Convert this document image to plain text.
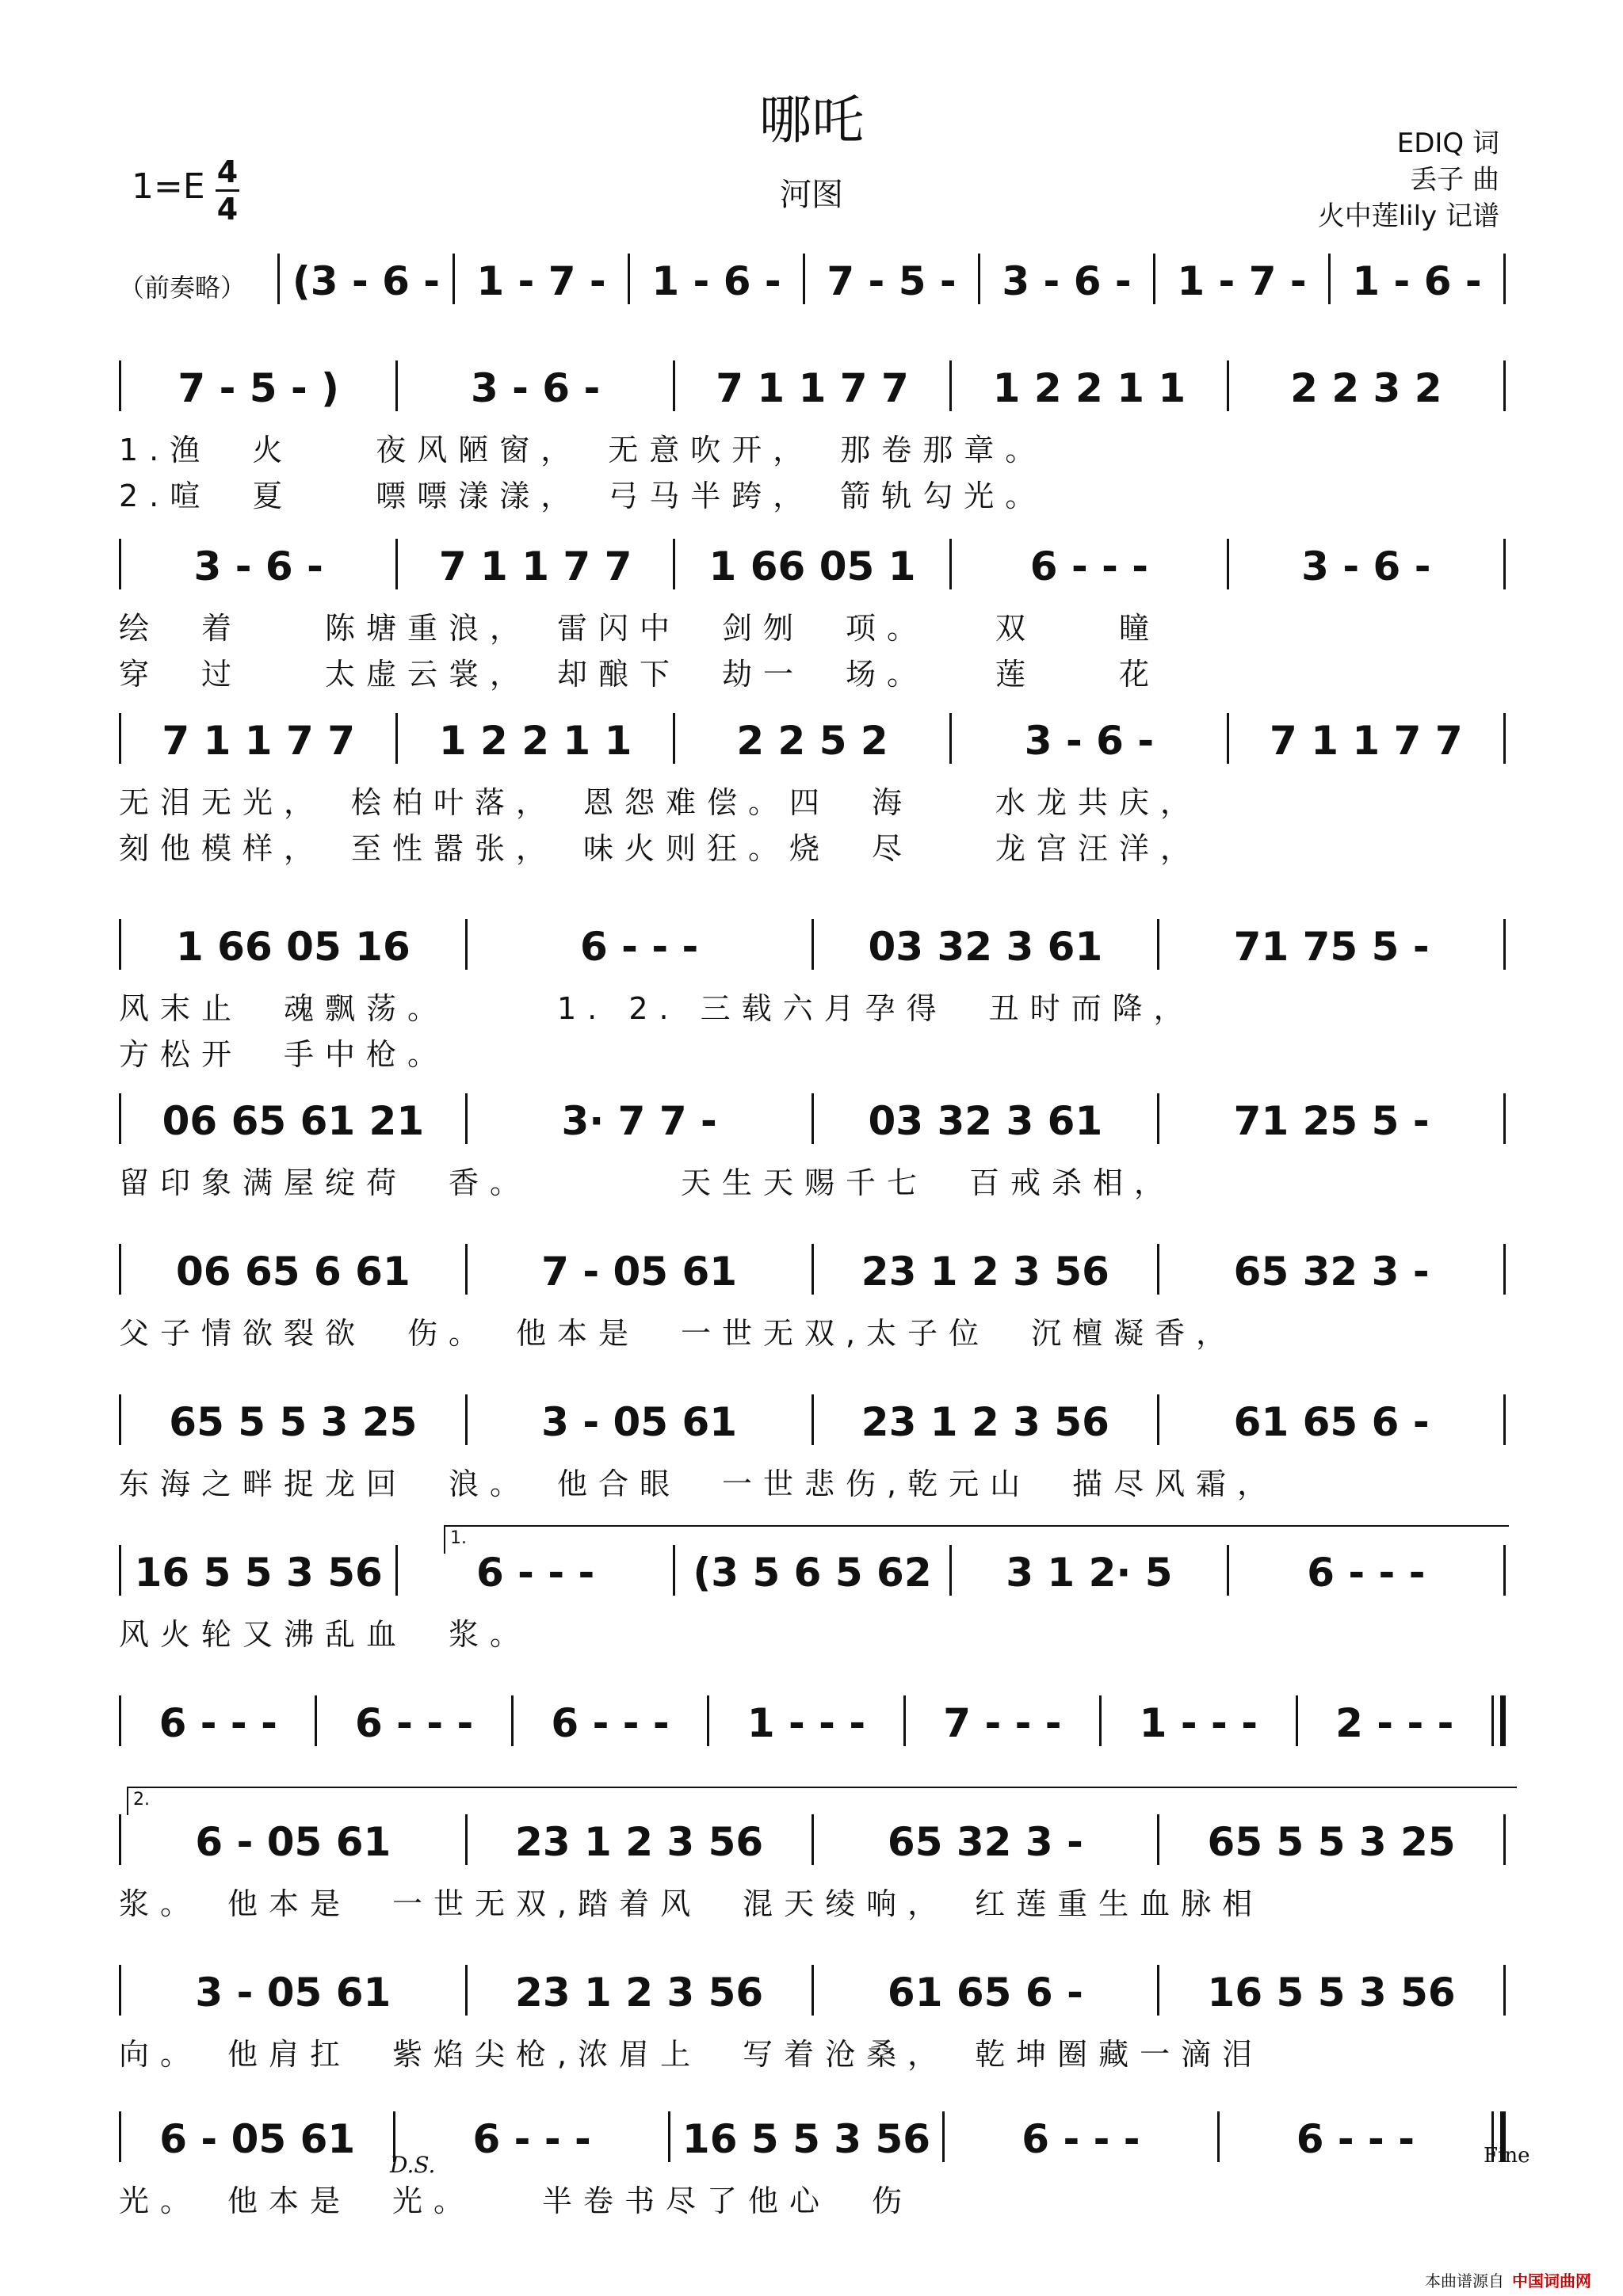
哪吒
河图
EDIQ 词
丢子 曲
火中莲lily 记谱
1=E 4
4
(3 - 6 - 1 - 7 -	1 - 6 -	7 - 5 -	3 - 6 -	1 - 7 -	1 - 6 -
7 - 5 - )	3 - 6 -	7 1 1 7 7	1 2 2 1 1	2 2 3 2
1.渔　火　　夜风陋窗，　无意吹开，　那卷那章。
2.喧　夏　　嘌嘌漾漾，　弓马半跨，　箭轨勾光。
3 - 6 -	7 1 1 7 7	1 66 05 1	6 - - -	3 - 6 -
绘　着　　陈塘重浪，　雷闪中　剑刎　项。　　双　　瞳
穿　过　　太虚云裳，　却酿下　劫一　场。　　莲　　花
7 1 1 7 7	1 2 2 1 1	2 2 5 2	3 - 6 -	7 1 1 7 7
无泪无光，　桧柏叶落，　恩怨难偿。四　海　　水龙共庆，
刻他模样，　至性嚣张，　味火则狂。烧　尽　　龙宫汪洋，
1 66 05 16	6 - - -	03 32 3 61	71 75 5 -
风末止　魂飘荡。　　　1. 2. 三载六月孕得　丑时而降，
方松开　手中枪。
06 65 61 21	3· 7 7 -	03 32 3 61	71 25 5 -
留印象满屋绽荷　香。　　　　天生天赐千七　百戒杀相，
06 65 6 61	7 - 05 61	23 1 2 3 56	65 32 3 -
父子情欲裂欲　伤。　他本是　一世无双,太子位　沉檀凝香，
65 5 5 3 25	3 - 05 61	23 1 2 3 56	61 65 6 -
东海之畔捉龙回　浪。　他合眼　一世悲伤,乾元山　描尽风霜，
16 5 5 3 56	6 - - -	(3 5 6 5 62	3 1 2· 5	6 - - -
风火轮又沸乱血　浆。
6 - - -	6 - - -	6 - - -	1 - - -	7 - - -	1 - - -	2 - - -
6 - 05 61	23 1 2 3 56	65 32 3 -	65 5 5 3 25
浆。　他本是　一世无双,踏着风　混天绫响，　红莲重生血脉相
3 - 05 61	23 1 2 3 56	61 65 6 -	16 5 5 3 56
向。　他肩扛　紫焰尖枪,浓眉上　写着沧桑，　乾坤圈藏一滴泪
6 - 05 61	6 - - -	16 5 5 3 56	6 - - -	6 - - -
光。　他本是　光。　　半卷书尽了他心　伤
（前奏略）
1.
2.
D.S.	Fine
本曲谱源自 中国词曲网
